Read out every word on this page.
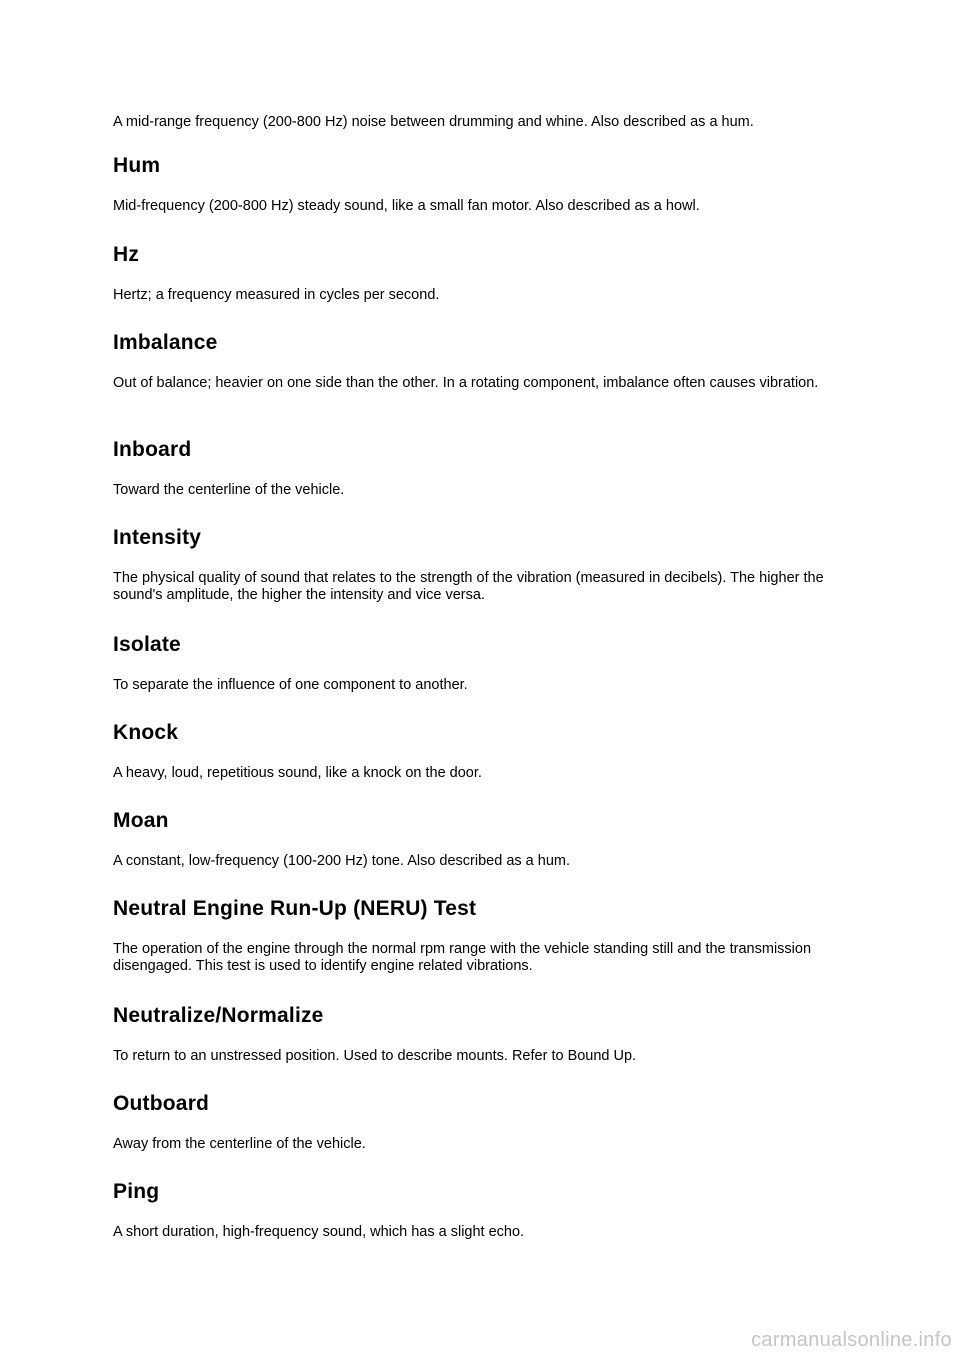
A mid-range frequency (200-800 Hz) noise between drumming and whine. Also described as a hum.

Hum

Mid-frequency (200-800 Hz) steady sound, like a small fan motor. Also described as a howl.

Hz

Hertz; a frequency measured in cycles per second.

Imbalance

Out of balance; heavier on one side than the other. In a rotating component, imbalance often causes vibration.

Inboard

Toward the centerline of the vehicle.

Intensity

The physical quality of sound that relates to the strength of the vibration (measured in decibels). The higher the sound's amplitude, the higher the intensity and vice versa.

Isolate

To separate the influence of one component to another.

Knock

A heavy, loud, repetitious sound, like a knock on the door.

Moan

A constant, low-frequency (100-200 Hz) tone. Also described as a hum.

Neutral Engine Run-Up (NERU) Test

The operation of the engine through the normal rpm range with the vehicle standing still and the transmission disengaged. This test is used to identify engine related vibrations.

Neutralize/Normalize

To return to an unstressed position. Used to describe mounts. Refer to Bound Up.

Outboard

Away from the centerline of the vehicle.

Ping

A short duration, high-frequency sound, which has a slight echo.

carmanualsonline.info
